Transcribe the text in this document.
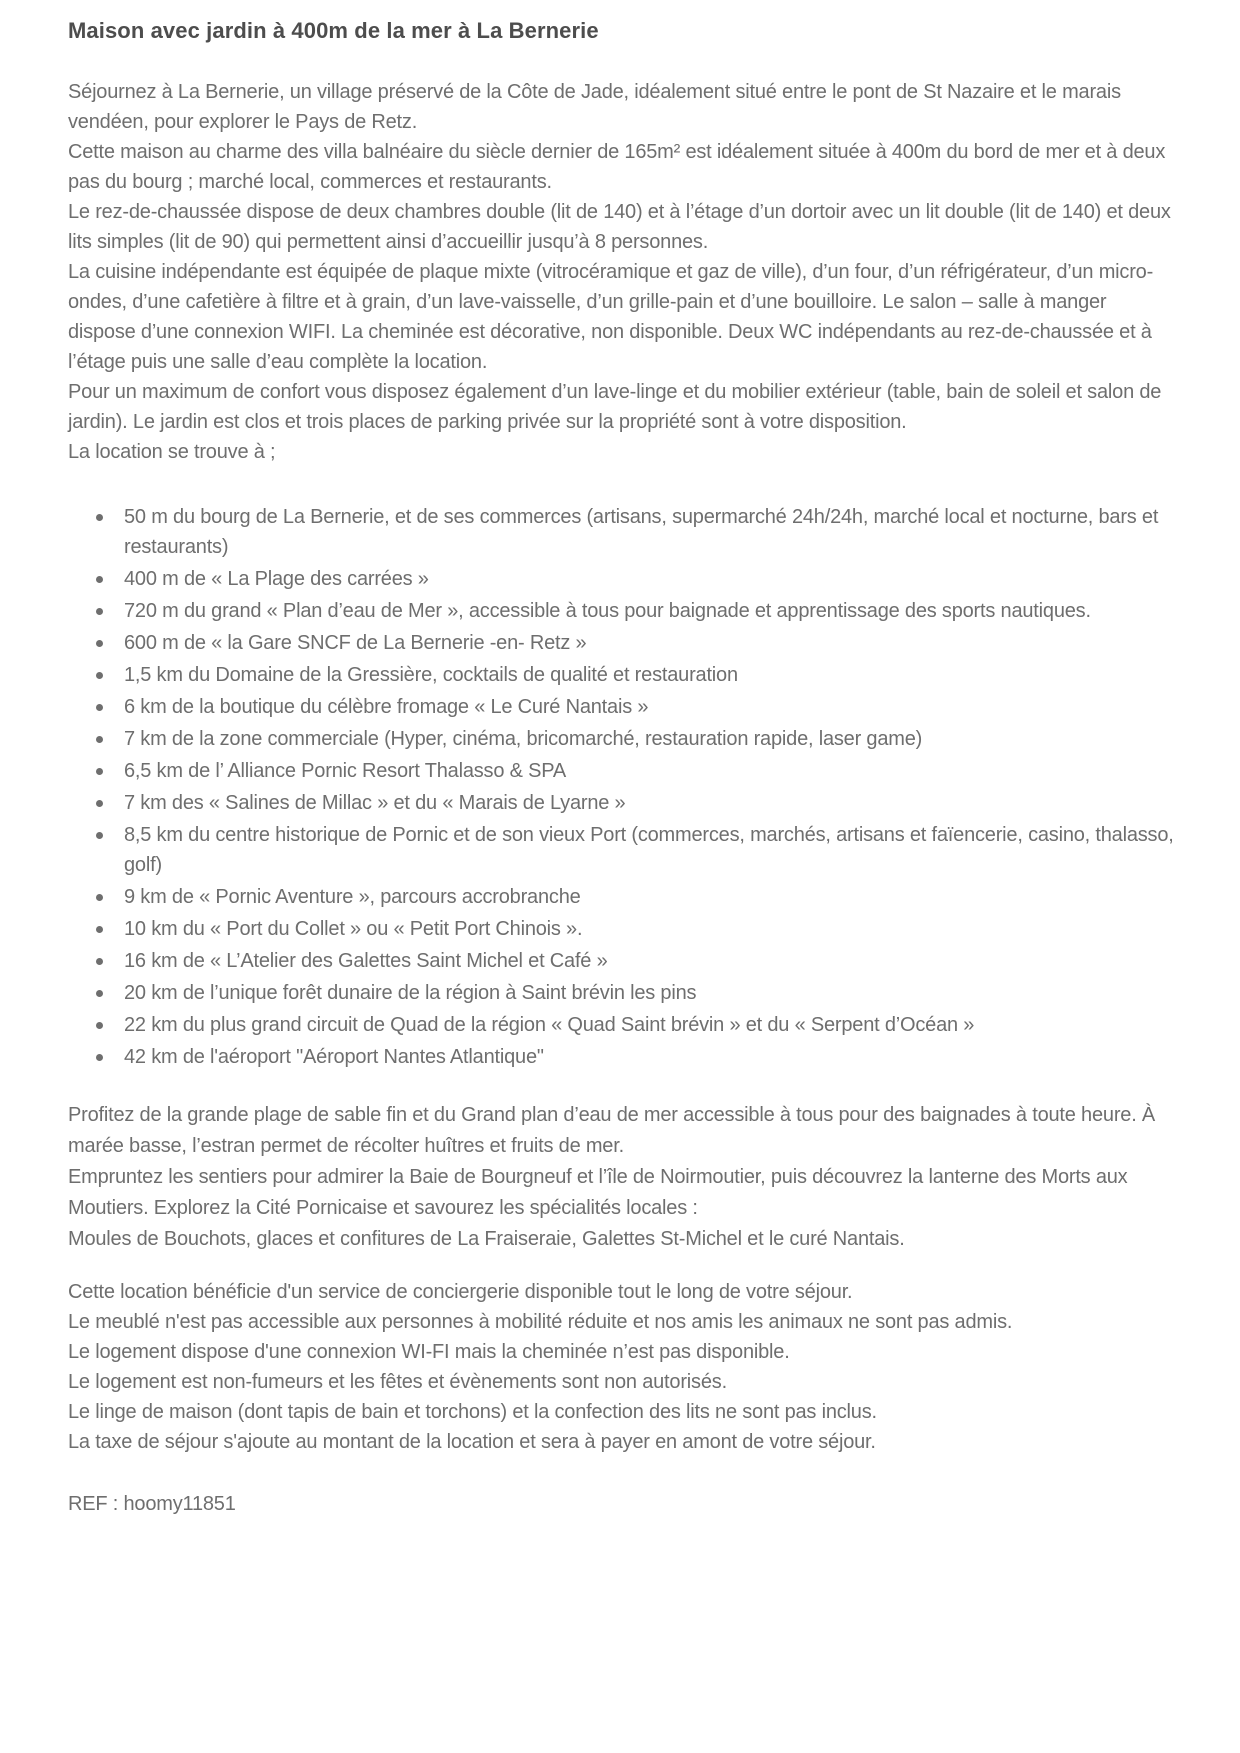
Maison avec jardin à 400m de la mer à La Bernerie

Séjournez à La Bernerie, un village préservé de la Côte de Jade, idéalement situé entre le pont de St Nazaire et le marais vendéen, pour explorer le Pays de Retz.

Cette maison au charme des villa balnéaire du siècle dernier de 165m² est idéalement située à 400m du bord de mer et à deux pas du bourg ; marché local, commerces et restaurants.

Le rez-de-chaussée dispose de deux chambres double (lit de 140) et à l’étage d’un dortoir avec un lit double (lit de 140) et deux lits simples (lit de 90) qui permettent ainsi d’accueillir jusqu’à 8 personnes.

La cuisine indépendante est équipée de plaque mixte (vitrocéramique et gaz de ville), d’un four, d’un réfrigérateur, d’un micro-ondes, d’une cafetière à filtre et à grain, d’un lave-vaisselle, d’un grille-pain et d’une bouilloire. Le salon – salle à manger dispose d’une connexion WIFI. La cheminée est décorative, non disponible. Deux WC indépendants au rez-de-chaussée et à l’étage puis une salle d’eau complète la location.

Pour un maximum de confort vous disposez également d’un lave-linge et du mobilier extérieur (table, bain de soleil et salon de jardin). Le jardin est clos et trois places de parking privée sur la propriété sont à votre disposition.

La location se trouve à ;

50 m du bourg de La Bernerie, et de ses commerces (artisans, supermarché 24h/24h, marché local et nocturne, bars et restaurants)
400 m de « La Plage des carrées »
720 m du grand « Plan d’eau de Mer », accessible à tous pour baignade et apprentissage des sports nautiques.
600 m de « la Gare SNCF de La Bernerie -en- Retz »
1,5 km du Domaine de la Gressière, cocktails de qualité et restauration
6 km de la boutique du célèbre fromage « Le Curé Nantais »
7 km de la zone commerciale (Hyper, cinéma, bricomarché, restauration rapide, laser game)
6,5 km de l’ Alliance Pornic Resort Thalasso & SPA
7 km des « Salines de Millac » et du « Marais de Lyarne »
8,5 km du centre historique de Pornic et de son vieux Port (commerces, marchés, artisans et faïencerie, casino, thalasso, golf)
9 km de « Pornic Aventure », parcours accrobranche
10 km du « Port du Collet » ou « Petit Port Chinois ».
16 km de « L’Atelier des Galettes Saint Michel et Café »
20 km de l’unique forêt dunaire de la région à Saint brévin les pins
22 km du plus grand circuit de Quad de la région « Quad Saint brévin » et du « Serpent d’Océan »
42 km de l'aéroport "Aéroport Nantes Atlantique"

Profitez de la grande plage de sable fin et du Grand plan d’eau de mer accessible à tous pour des baignades à toute heure. À marée basse, l’estran permet de récolter huîtres et fruits de mer.

Empruntez les sentiers pour admirer la Baie de Bourgneuf et l’île de Noirmoutier, puis découvrez la lanterne des Morts aux Moutiers. Explorez la Cité Pornicaise et savourez les spécialités locales :

Moules de Bouchots, glaces et confitures de La Fraiseraie, Galettes St-Michel et le curé Nantais.

Cette location bénéficie d'un service de conciergerie disponible tout le long de votre séjour.

Le meublé n'est pas accessible aux personnes à mobilité réduite et nos amis les animaux ne sont pas admis.

Le logement dispose d'une connexion WI-FI mais la cheminée n’est pas disponible.

Le logement est non-fumeurs et les fêtes et évènements sont non autorisés.

Le linge de maison (dont tapis de bain et torchons) et la confection des lits ne sont pas inclus.

La taxe de séjour s'ajoute au montant de la location et sera à payer en amont de votre séjour.

REF : hoomy11851
